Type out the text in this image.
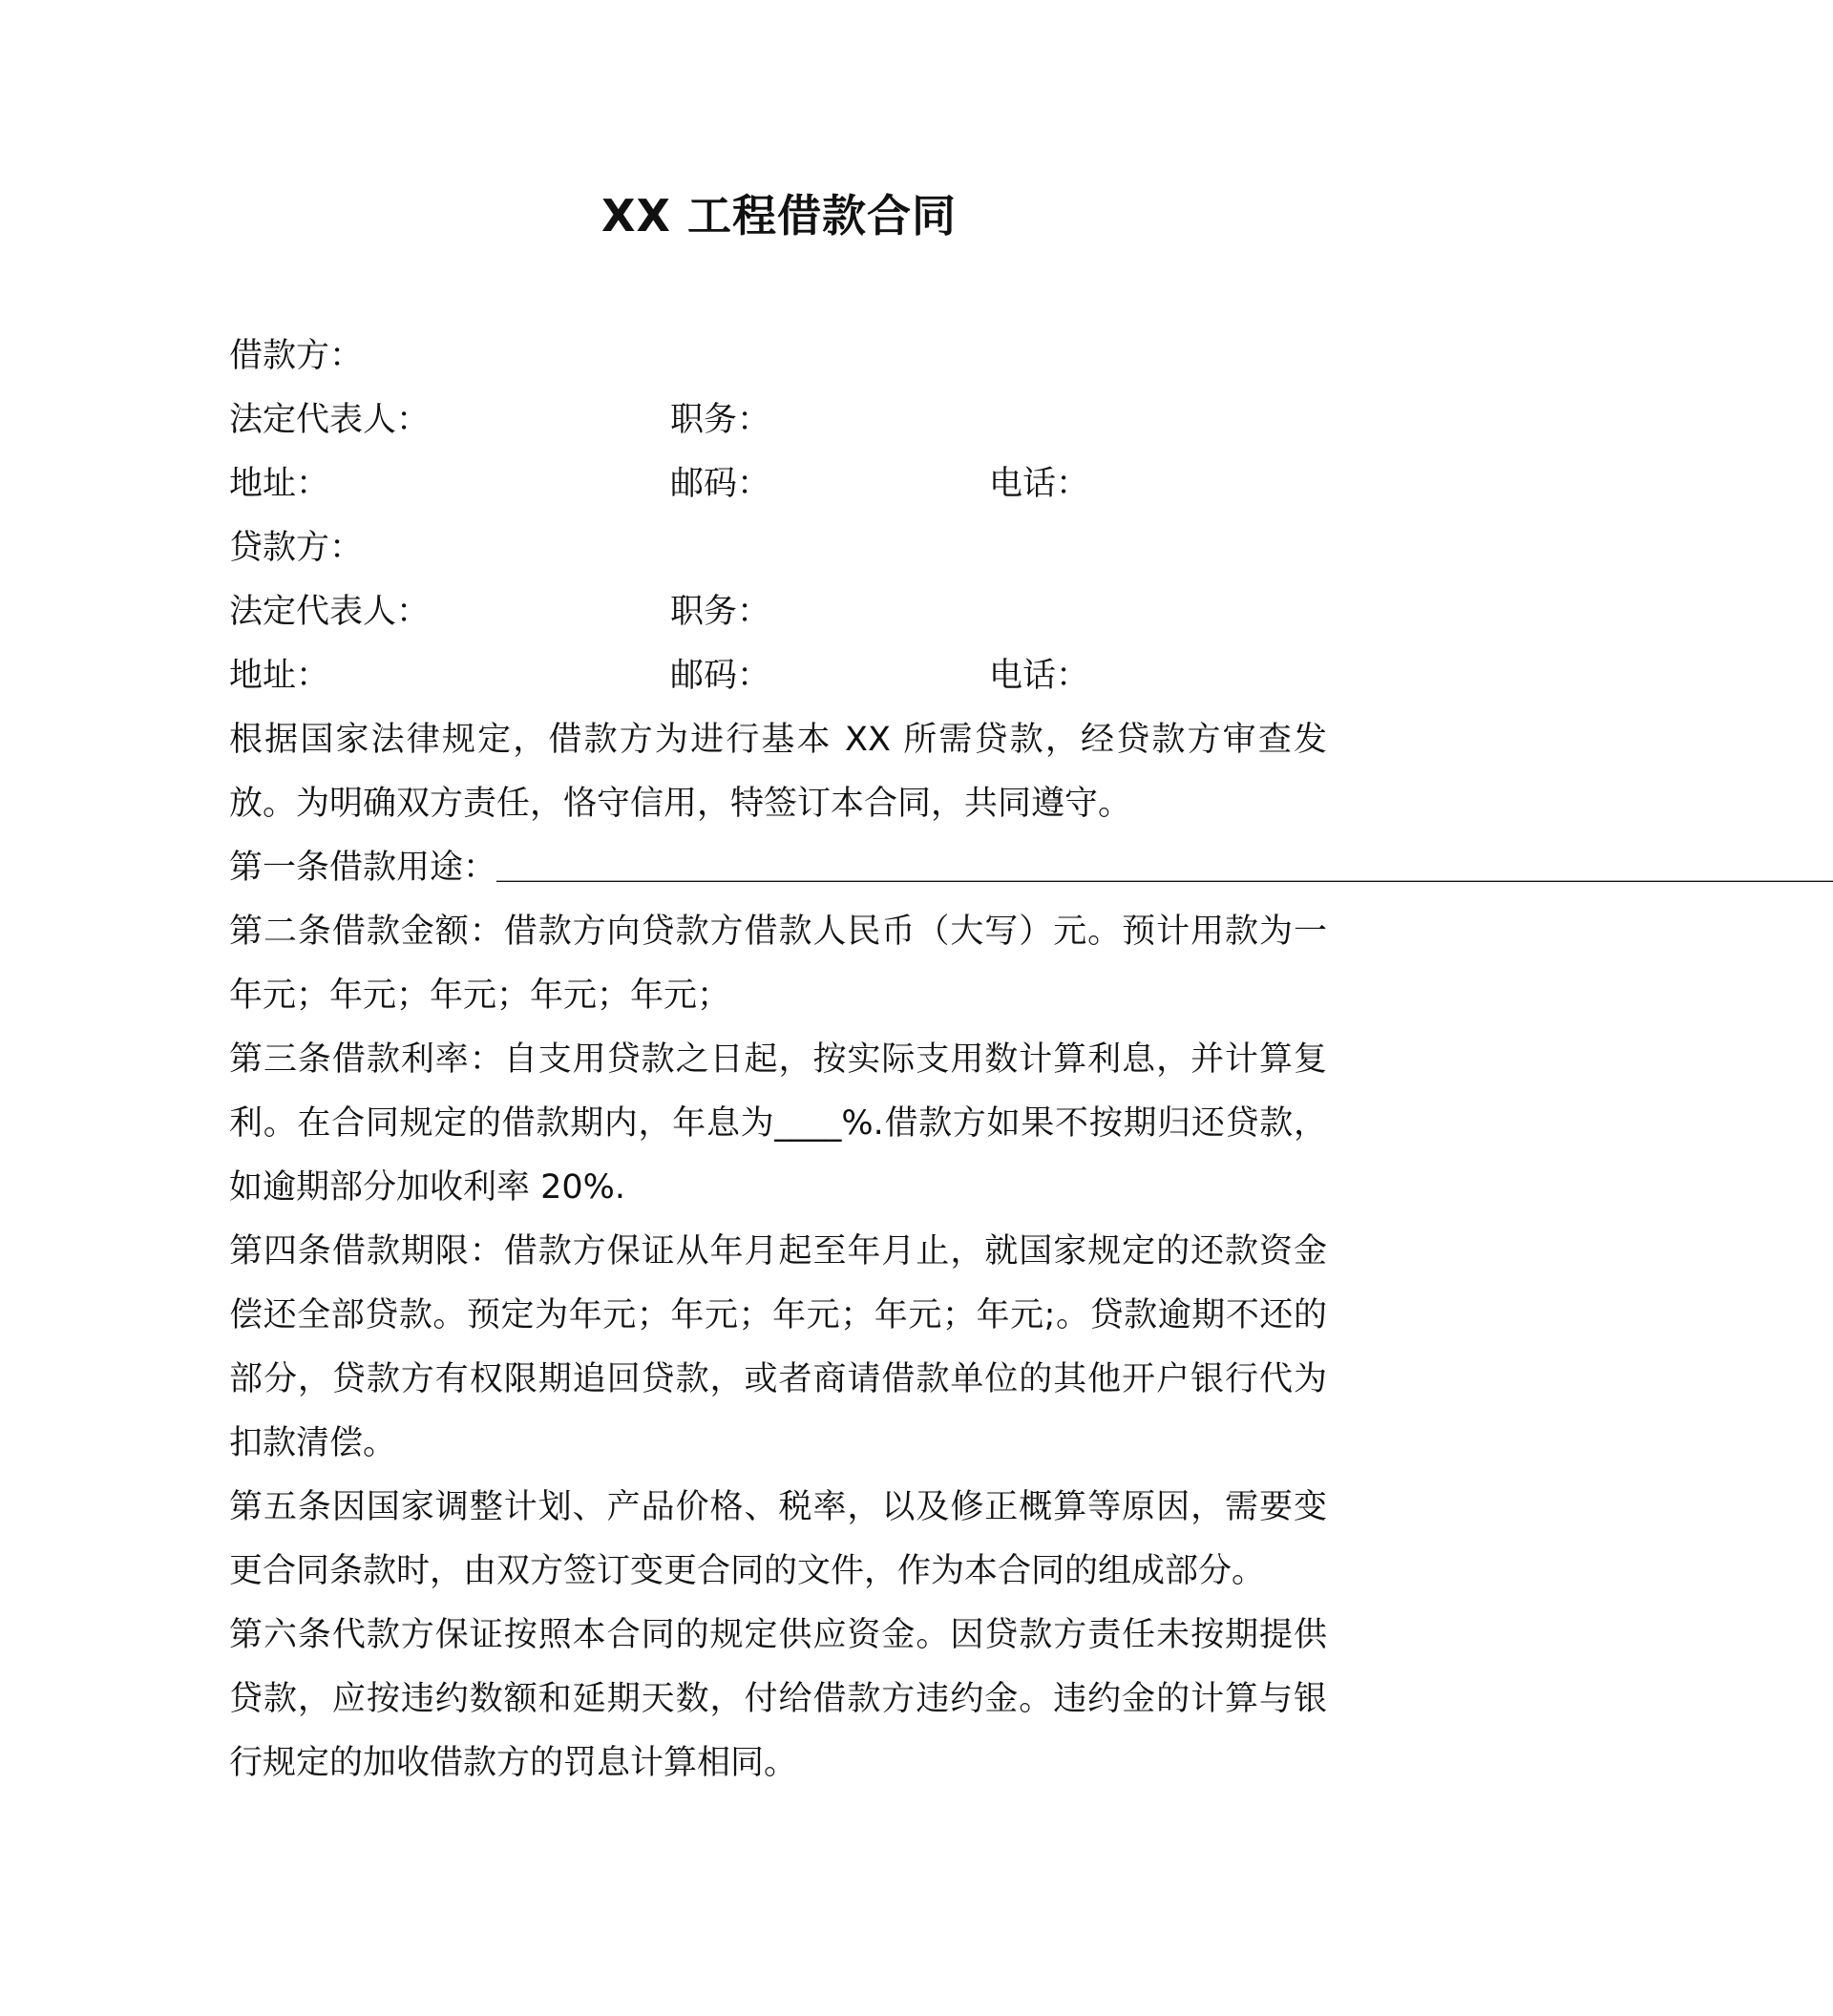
XX 工程借款合同
借款方：
法定代表人：	职务：
地址：	邮码：	电话：
贷款方：
法定代表人：	职务：
地址：	邮码：	电话：

根据国家法律规定，借款方为进行基本 XX 所需贷款，经贷款方审查发放。为明确双方责任，恪守信用，特签订本合同，共同遵守。

第一条借款用途：＿＿＿＿＿＿＿＿＿＿＿＿＿＿＿＿＿＿＿＿＿＿＿＿＿＿＿＿＿＿＿＿＿＿＿＿＿＿＿＿

第二条借款金额：借款方向贷款方借款人民币（大写）元。预计用款为一年元；年元；年元；年元；年元；

第三条借款利率：自支用贷款之日起，按实际支用数计算利息，并计算复利。在合同规定的借款期内，年息为____%.借款方如果不按期归还贷款，如逾期部分加收利率 20%.

第四条借款期限：借款方保证从年月起至年月止，就国家规定的还款资金偿还全部贷款。预定为年元；年元；年元；年元；年元;。贷款逾期不还的部分，贷款方有权限期追回贷款，或者商请借款单位的其他开户银行代为扣款清偿。

第五条因国家调整计划、产品价格、税率，以及修正概算等原因，需要变更合同条款时，由双方签订变更合同的文件，作为本合同的组成部分。

第六条代款方保证按照本合同的规定供应资金。因贷款方责任未按期提供贷款，应按违约数额和延期天数，付给借款方违约金。违约金的计算与银行规定的加收借款方的罚息计算相同。
